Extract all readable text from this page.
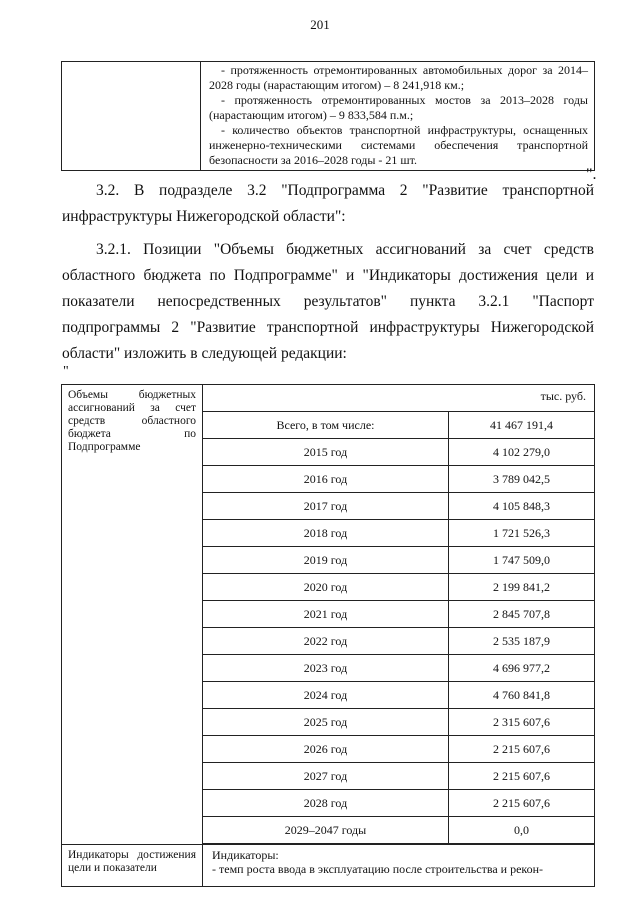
201

- протяженность отремонтированных автомобильных дорог за 2014–2028 годы (нарастающим итогом) – 8 241,918 км.;

- протяженность отремонтированных мостов за 2013–2028 годы (нарастающим итогом) – 9 833,584 п.м.;

- количество объектов транспортной инфраструктуры, оснащенных инженерно-техническими системами обеспечения транспортной безопасности за 2016–2028 годы - 21 шт.

".

3.2. В подразделе 3.2 "Подпрограмма 2 "Развитие транспортной инфраструктуры Нижегородской области":

3.2.1. Позиции "Объемы бюджетных ассигнований за счет средств областного бюджета по Подпрограмме" и "Индикаторы достижения цели и показатели непосредственных результатов" пункта 3.2.1 "Паспорт подпрограммы 2 "Развитие транспортной инфраструктуры Нижегородской области" изложить в следующей редакции:

"
Объемы бюджетных ассигнований за счет средств областного бюджета по Подпрограмме	тыс. руб.	
	Всего, в том числе:	41 467 191,4
	2015 год	4 102 279,0
	2016 год	3 789 042,5
	2017 год	4 105 848,3
	2018 год	1 721 526,3
	2019 год	1 747 509,0
	2020 год	2 199 841,2
	2021 год	2 845 707,8
	2022 год	2 535 187,9
	2023 год	4 696 977,2
	2024 год	4 760 841,8
	2025 год	2 315 607,6
	2026 год	2 215 607,6
	2027 год	2 215 607,6
	2028 год	2 215 607,6
	2029–2047 годы	0,0

Индикаторы достижения цели и показатели	Индикаторы:

- темп роста ввода в эксплуатацию после строительства и рекон-	
